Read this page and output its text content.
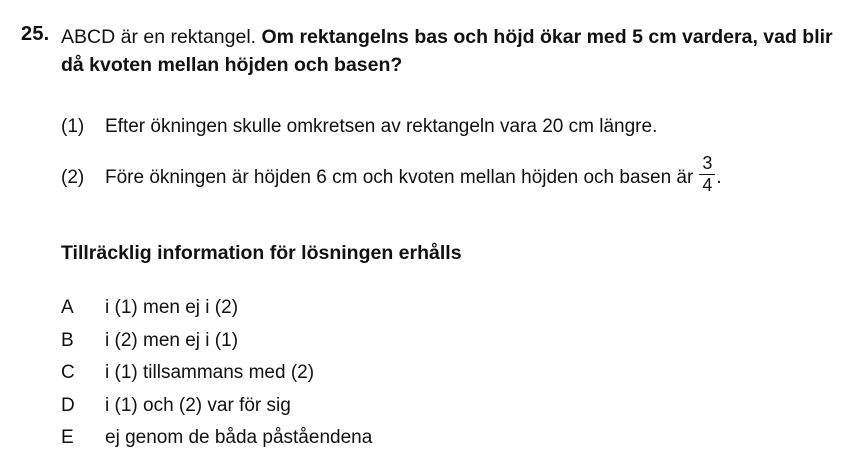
25. ABCD är en rektangel. Om rektangelns bas och höjd ökar med 5 cm vardera, vad blir då kvoten mellan höjden och basen?
(1) Efter ökningen skulle omkretsen av rektangeln vara 20 cm längre.
(2) Före ökningen är höjden 6 cm och kvoten mellan höjden och basen är $\frac{3}{4}$ .
Tillräcklig information för lösningen erhålls
A i (1) men ej i (2)
B i (2) men ej i (1)
C i (1) tillsammans med (2)
D i (1) och (2) var för sig
E ej genom de båda påståendena
